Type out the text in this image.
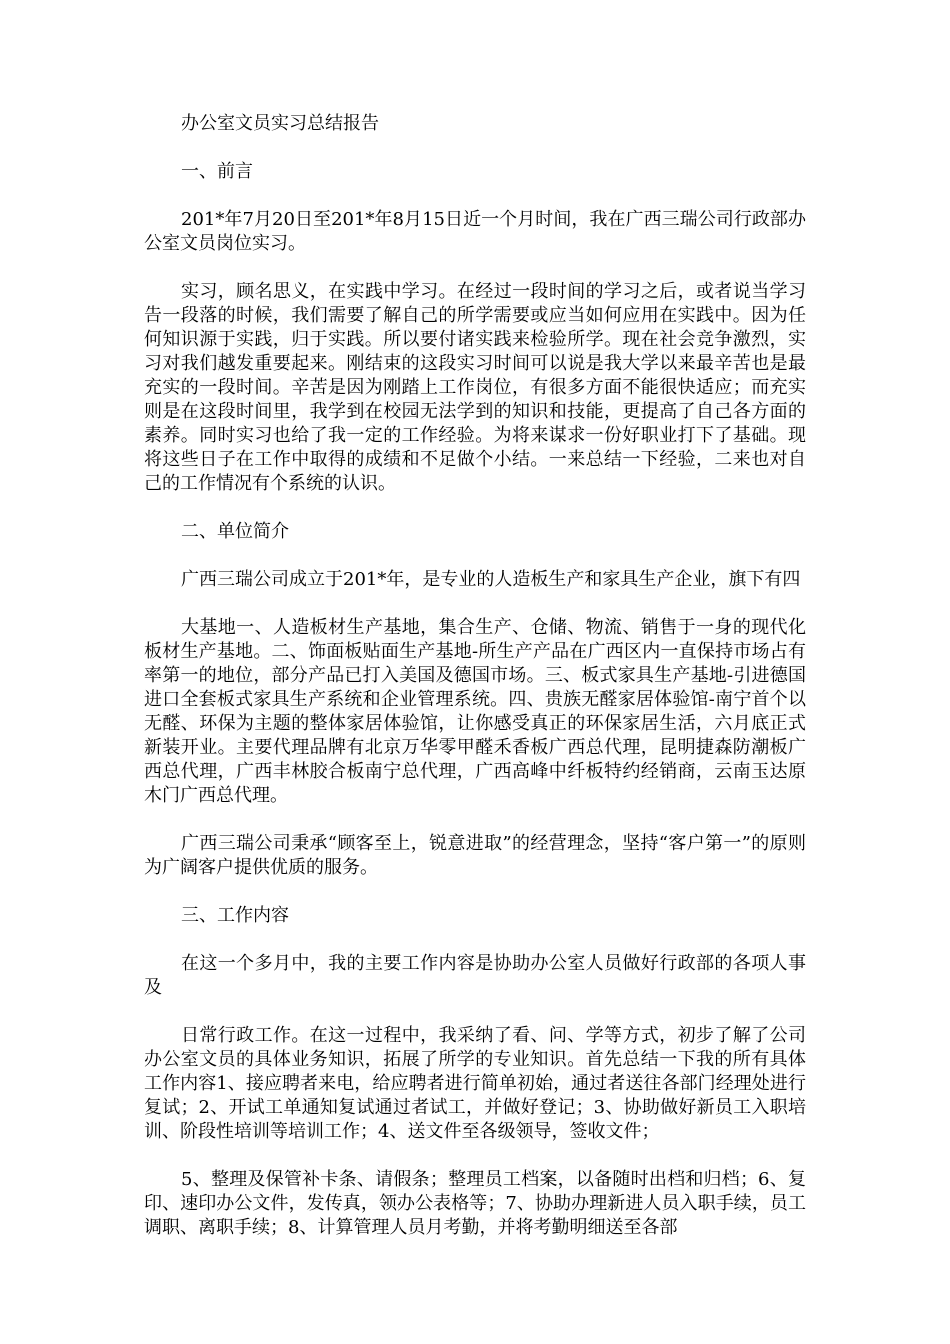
办公室文员实习总结报告

一、前言

201*年7月20日至201*年8月15日近一个月时间，我在广西三瑞公司行政部办公室文员岗位实习。

实习，顾名思义，在实践中学习。在经过一段时间的学习之后，或者说当学习告一段落的时候，我们需要了解自己的所学需要或应当如何应用在实践中。因为任何知识源于实践，归于实践。所以要付诸实践来检验所学。现在社会竞争激烈，实习对我们越发重要起来。刚结束的这段实习时间可以说是我大学以来最辛苦也是最充实的一段时间。辛苦是因为刚踏上工作岗位，有很多方面不能很快适应；而充实则是在这段时间里，我学到在校园无法学到的知识和技能，更提高了自己各方面的素养。同时实习也给了我一定的工作经验。为将来谋求一份好职业打下了基础。现将这些日子在工作中取得的成绩和不足做个小结。一来总结一下经验，二来也对自己的工作情况有个系统的认识。

二、单位简介

广西三瑞公司成立于201*年，是专业的人造板生产和家具生产企业，旗下有四

大基地一、人造板材生产基地，集合生产、仓储、物流、销售于一身的现代化板材生产基地。二、饰面板贴面生产基地-所生产产品在广西区内一直保持市场占有率第一的地位，部分产品已打入美国及德国市场。三、板式家具生产基地-引进德国进口全套板式家具生产系统和企业管理系统。四、贵族无醛家居体验馆-南宁首个以无醛、环保为主题的整体家居体验馆，让你感受真正的环保家居生活，六月底正式新装开业。主要代理品牌有北京万华零甲醛禾香板广西总代理，昆明捷森防潮板广西总代理，广西丰林胶合板南宁总代理，广西高峰中纤板特约经销商，云南玉达原木门广西总代理。

广西三瑞公司秉承“顾客至上，锐意进取”的经营理念，坚持“客户第一”的原则为广阔客户提供优质的服务。

三、工作内容

在这一个多月中，我的主要工作内容是协助办公室人员做好行政部的各项人事及

日常行政工作。在这一过程中，我采纳了看、问、学等方式，初步了解了公司办公室文员的具体业务知识，拓展了所学的专业知识。首先总结一下我的所有具体工作内容1、接应聘者来电，给应聘者进行简单初始，通过者送往各部门经理处进行复试；2、开试工单通知复试通过者试工，并做好登记；3、协助做好新员工入职培训、阶段性培训等培训工作；4、送文件至各级领导，签收文件；

5、整理及保管补卡条、请假条；整理员工档案，以备随时出档和归档；6、复印、速印办公文件，发传真，领办公表格等；7、协助办理新进人员入职手续，员工调职、离职手续；8、计算管理人员月考勤，并将考勤明细送至各部
